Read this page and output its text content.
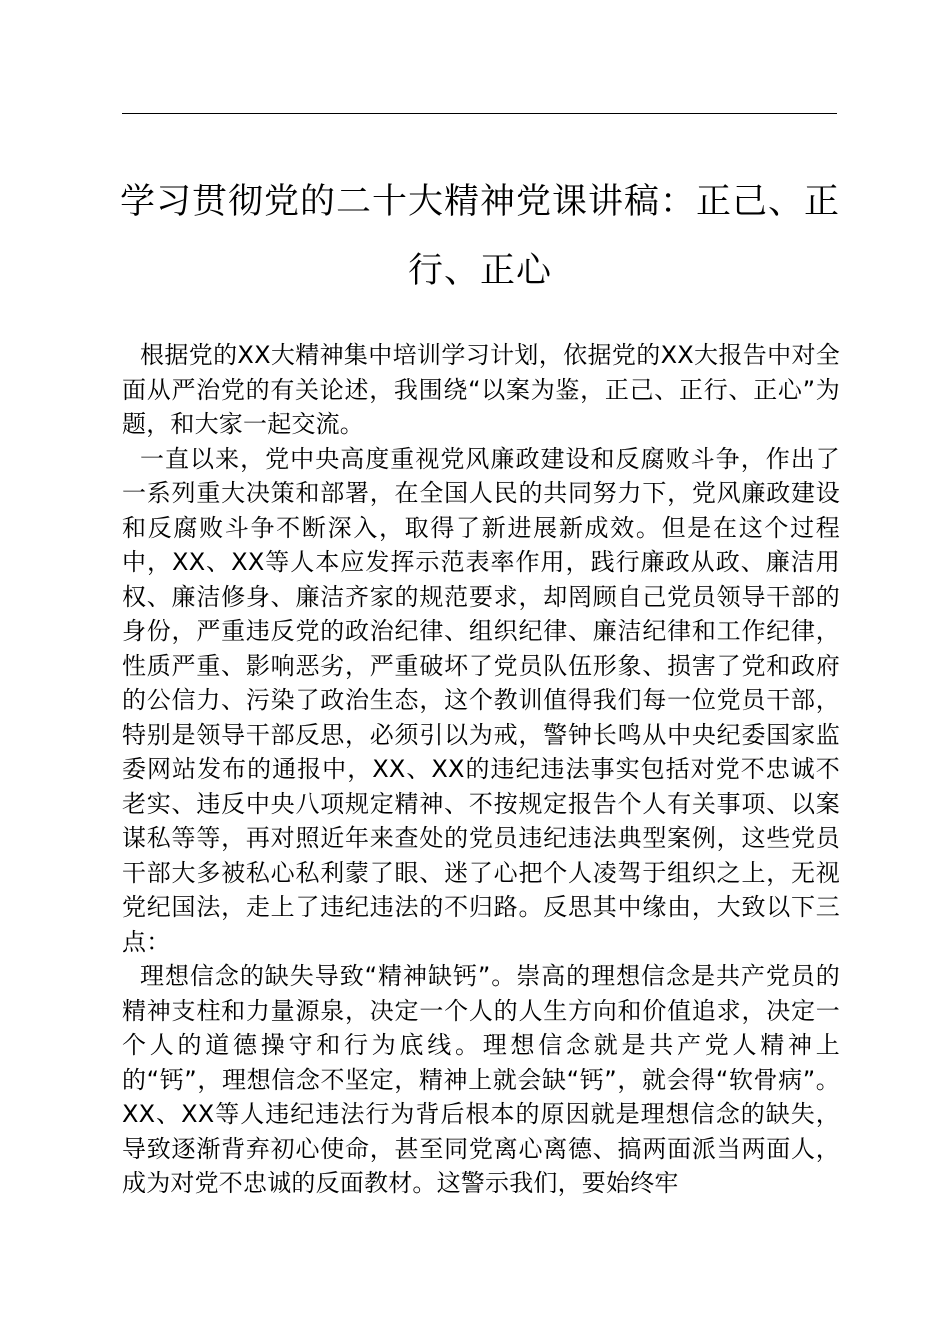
学习贯彻党的二十大精神党课讲稿：正己、正行、正心

根据党的XX大精神集中培训学习计划，依据党的XX大报告中对全面从严治党的有关论述，我围绕“以案为鉴，正己、正行、正心”为题，和大家一起交流。

一直以来，党中央高度重视党风廉政建设和反腐败斗争，作出了一系列重大决策和部署，在全国人民的共同努力下，党风廉政建设和反腐败斗争不断深入，取得了新进展新成效。但是在这个过程中，XX、XX等人本应发挥示范表率作用，践行廉政从政、廉洁用权、廉洁修身、廉洁齐家的规范要求，却罔顾自己党员领导干部的身份，严重违反党的政治纪律、组织纪律、廉洁纪律和工作纪律，性质严重、影响恶劣，严重破坏了党员队伍形象、损害了党和政府的公信力、污染了政治生态，这个教训值得我们每一位党员干部，特别是领导干部反思，必须引以为戒，警钟长鸣从中央纪委国家监委网站发布的通报中，XX、XX的违纪违法事实包括对党不忠诚不老实、违反中央八项规定精神、不按规定报告个人有关事项、以案谋私等等，再对照近年来查处的党员违纪违法典型案例，这些党员干部大多被私心私利蒙了眼、迷了心把个人凌驾于组织之上，无视党纪国法，走上了违纪违法的不归路。反思其中缘由，大致以下三点：

理想信念的缺失导致“精神缺钙”。崇高的理想信念是共产党员的精神支柱和力量源泉，决定一个人的人生方向和价值追求，决定一个人的道德操守和行为底线。理想信念就是共产党人精神上的“钙”，理想信念不坚定，精神上就会缺“钙”，就会得“软骨病”。XX、XX等人违纪违法行为背后根本的原因就是理想信念的缺失，导致逐渐背弃初心使命，甚至同党离心离德、搞两面派当两面人，成为对党不忠诚的反面教材。这警示我们，要始终牢
